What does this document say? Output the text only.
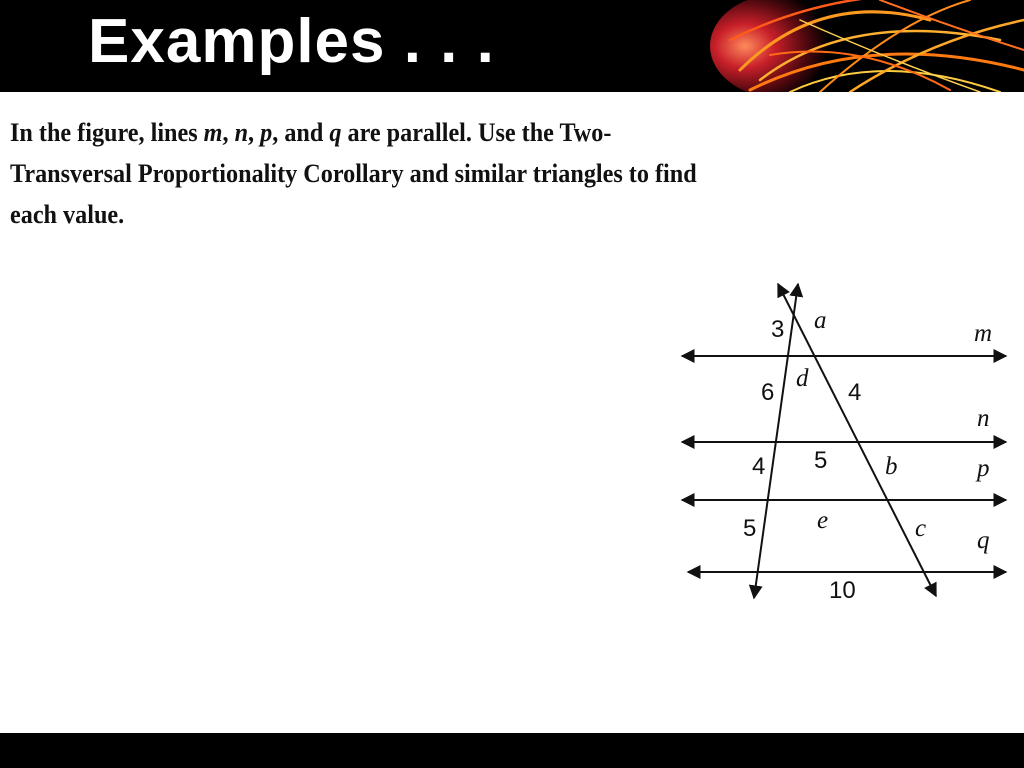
Examples . . .

In the figure, lines m, n, p, and q are parallel. Use the Two-Transversal Proportionality Corollary and similar triangles to find each value.

m
n
p
q
3
6
4
5
a
4
b
c
d
5
e
10
